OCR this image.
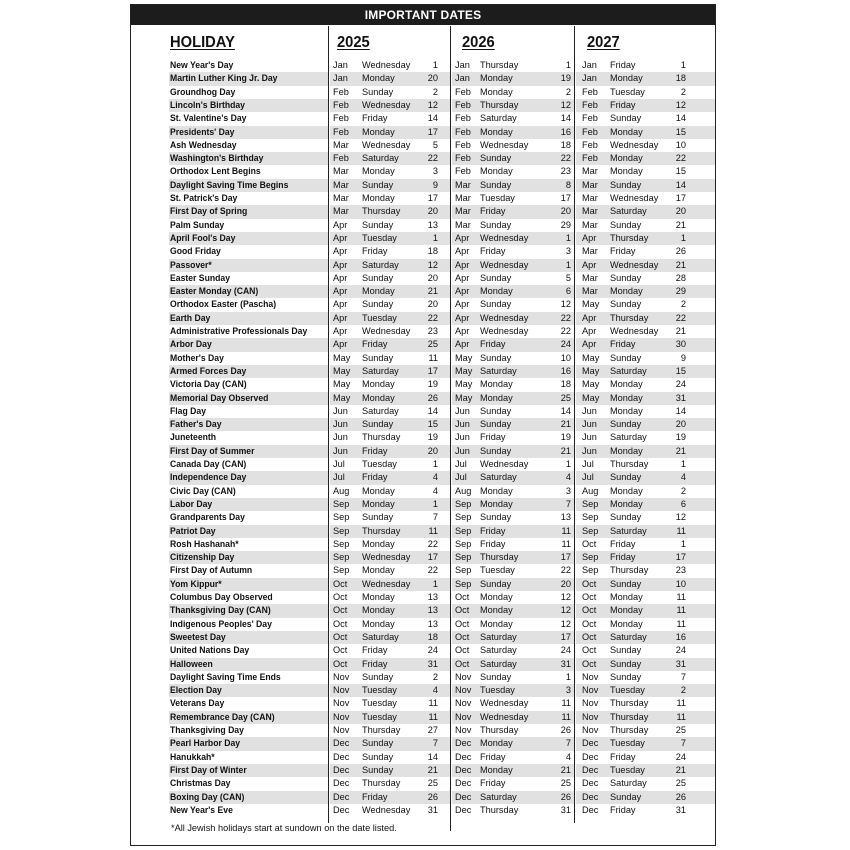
IMPORTANT DATES
HOLIDAY	2025	2026	2027
New Year's Day	Jan Wednesday	1 Jan Thursday	1 Jan Friday	1
Martin Luther King Jr. Day	Jan Monday	20 Jan Monday	19 Jan Monday	18
Groundhog Day	Feb Sunday	2 Feb Monday	2 Feb Tuesday	2
Lincoln's Birthday	Feb Wednesday	12 Feb Thursday	12 Feb Friday	12
St. Valentine's Day	Feb Friday	14 Feb Saturday	14 Feb Sunday	14
Presidents' Day	Feb Monday	17 Feb Monday	16 Feb Monday	15
Ash Wednesday	Mar Wednesday	5 Feb Wednesday	18 Feb Wednesday	10
Washington's Birthday	Feb Saturday	22 Feb Sunday	22 Feb Monday	22
Orthodox Lent Begins	Mar Monday	3 Feb Monday	23 Mar Monday	15
Daylight Saving Time Begins	Mar Sunday	9 Mar Sunday	8 Mar Sunday	14
St. Patrick's Day	Mar Monday	17 Mar Tuesday	17 Mar Wednesday	17
First Day of Spring	Mar Thursday	20 Mar Friday	20 Mar Saturday	20
Palm Sunday	Apr Sunday	13 Mar Sunday	29 Mar Sunday	21
April Fool's Day	Apr Tuesday	1 Apr Wednesday	1 Apr Thursday	1
Good Friday	Apr Friday	18 Apr Friday	3 Mar Friday	26
Passover*	Apr Saturday	12 Apr Wednesday	1 Apr Wednesday	21
Easter Sunday	Apr Sunday	20 Apr Sunday	5 Mar Sunday	28
Easter Monday (CAN)	Apr Monday	21 Apr Monday	6 Mar Monday	29
Orthodox Easter (Pascha)	Apr Sunday	20 Apr Sunday	12 May Sunday	2
Earth Day	Apr Tuesday	22 Apr Wednesday	22 Apr Thursday	22
Administrative Professionals Day	Apr Wednesday	23 Apr Wednesday	22 Apr Wednesday	21
Arbor Day	Apr Friday	25 Apr Friday	24 Apr Friday	30
Mother's Day	May Sunday	11 May Sunday	10 May Sunday	9
Armed Forces Day	May Saturday	17 May Saturday	16 May Saturday	15
Victoria Day (CAN)	May Monday	19 May Monday	18 May Monday	24
Memorial Day Observed	May Monday	26 May Monday	25 May Monday	31
Flag Day	Jun Saturday	14 Jun Sunday	14 Jun Monday	14
Father's Day	Jun Sunday	15 Jun Sunday	21 Jun Sunday	20
Juneteenth	Jun Thursday	19 Jun Friday	19 Jun Saturday	19
First Day of Summer	Jun Friday	20 Jun Sunday	21 Jun Monday	21
Canada Day (CAN)	Jul Tuesday	1 Jul Wednesday	1 Jul Thursday	1
Independence Day	Jul Friday	4 Jul Saturday	4 Jul Sunday	4
Civic Day (CAN)	Aug Monday	4 Aug Monday	3 Aug Monday	2
Labor Day	Sep Monday	1 Sep Monday	7 Sep Monday	6
Grandparents Day	Sep Sunday	7 Sep Sunday	13 Sep Sunday	12
Patriot Day	Sep Thursday	11 Sep Friday	11 Sep Saturday	11
Rosh Hashanah*	Sep Monday	22 Sep Friday	11 Oct Friday	1
Citizenship Day	Sep Wednesday	17 Sep Thursday	17 Sep Friday	17
First Day of Autumn	Sep Monday	22 Sep Tuesday	22 Sep Thursday	23
Yom Kippur*	Oct Wednesday	1 Sep Sunday	20 Oct Sunday	10
Columbus Day Observed	Oct Monday	13 Oct Monday	12 Oct Monday	11
Thanksgiving Day (CAN)	Oct Monday	13 Oct Monday	12 Oct Monday	11
Indigenous Peoples' Day	Oct Monday	13 Oct Monday	12 Oct Monday	11
Sweetest Day	Oct Saturday	18 Oct Saturday	17 Oct Saturday	16
United Nations Day	Oct Friday	24 Oct Saturday	24 Oct Sunday	24
Halloween	Oct Friday	31 Oct Saturday	31 Oct Sunday	31
Daylight Saving Time Ends	Nov Sunday	2 Nov Sunday	1 Nov Sunday	7
Election Day	Nov Tuesday	4 Nov Tuesday	3 Nov Tuesday	2
Veterans Day	Nov Tuesday	11 Nov Wednesday	11 Nov Thursday	11
Remembrance Day (CAN)	Nov Tuesday	11 Nov Wednesday	11 Nov Thursday	11
Thanksgiving Day	Nov Thursday	27 Nov Thursday	26 Nov Thursday	25
Pearl Harbor Day	Dec Sunday	7 Dec Monday	7 Dec Tuesday	7
Hanukkah*	Dec Sunday	14 Dec Friday	4 Dec Friday	24
First Day of Winter	Dec Sunday	21 Dec Monday	21 Dec Tuesday	21
Christmas Day	Dec Thursday	25 Dec Friday	25 Dec Saturday	25
Boxing Day (CAN)	Dec Friday	26 Dec Saturday	26 Dec Sunday	26
New Year's Eve	Dec Wednesday	31 Dec Thursday	31 Dec Friday	31
*All Jewish holidays start at sundown on the date listed.
